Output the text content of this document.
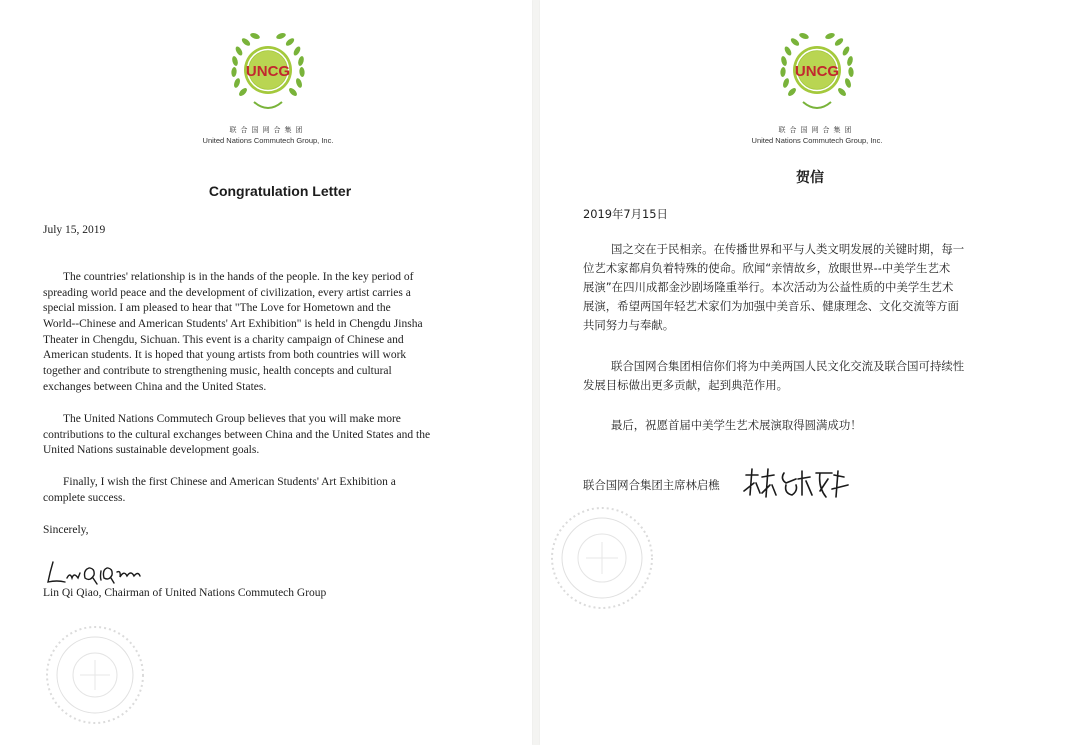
UNCG
联合国网合集团
United Nations Commutech Group, Inc.
Congratulation Letter
July 15, 2019
The countries' relationship is in the hands of the people. In the key period of
spreading world peace and the development of civilization, every artist carries a
special mission. I am pleased to hear that "The Love for Hometown and the
World--Chinese and American Students' Art Exhibition" is held in Chengdu Jinsha
Theater in Chengdu, Sichuan. This event is a charity campaign of Chinese and
American students. It is hoped that young artists from both countries will work
together and contribute to strengthening music, health concepts and cultural
exchanges between China and the United States.
The United Nations Commutech Group believes that you will make more
contributions to the cultural exchanges between China and the United States and the
United Nations sustainable development goals.
Finally, I wish the first Chinese and American Students' Art Exhibition a
complete success.
Sincerely,
Lin Qi Qiao, Chairman of United Nations Commutech Group
UNCG
联合国网合集团
United Nations Commutech Group, Inc.
贺信
2019年7月15日
国之交在于民相亲。在传播世界和平与人类文明发展的关键时期，每一
位艺术家都肩负着特殊的使命。欣闻“亲情故乡，放眼世界--中美学生艺术
展演”在四川成都金沙剧场隆重举行。本次活动为公益性质的中美学生艺术
展演，希望两国年轻艺术家们为加强中美音乐、健康理念、文化交流等方面
共同努力与奉献。
联合国网合集团相信你们将为中美两国人民文化交流及联合国可持续性
发展目标做出更多贡献，起到典范作用。
最后，祝愿首届中美学生艺术展演取得圆满成功！
联合国网合集团主席林启樵
